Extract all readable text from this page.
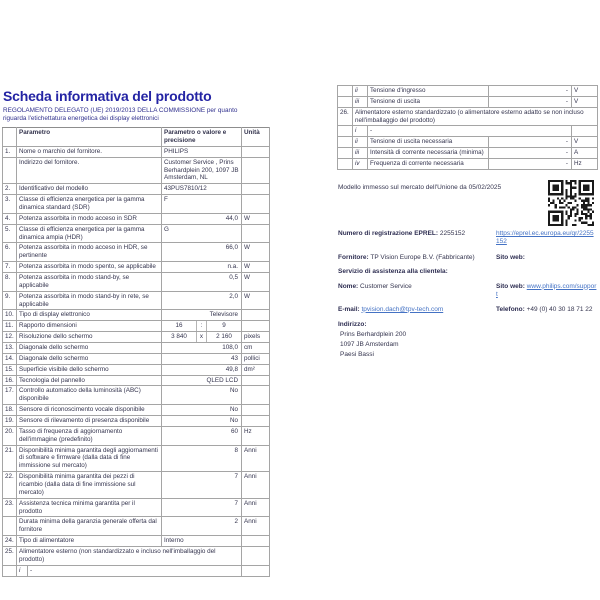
Scheda informativa del prodotto

REGOLAMENTO DELEGATO (UE) 2019/2013 DELLA COMMISSIONE per quanto riguarda l'etichettatura energetica dei display elettronici

	Parametro		Parametro o valore e precisione	Unità
1.	Nome o marchio del fornitore.		PHILIPS	
	Indirizzo del fornitore.		Customer Service , Prins Berhardplein 200, 1097 JB Amsterdam, NL	
2.	Identificativo del modello		43PUS7810/12	
3.	Classe di efficienza energetica per la gamma dinamica standard (SDR)		F	
4.	Potenza assorbita in modo acceso in SDR		44,0	W
5.	Classe di efficienza energetica per la gamma dinamica ampia (HDR)		G	
6.	Potenza assorbita in modo acceso in HDR, se pertinente		66,0	W
7.	Potenza assorbita in modo spento, se applicabile		n.a.	W
8.	Potenza assorbita in modo stand-by, se applicabile		0,5	W
9.	Potenza assorbita in modo stand-by in rete, se applicabile		2,0	W
10.	Tipo di display elettronico		Televisore	
11.	Rapporto dimensioni		16 : 9	

12.	Risoluzione dello schermo		3 840 x 2 160	pixels
13.	Diagonale dello schermo		108,0	cm
14.	Diagonale dello schermo		43	pollici
15.	Superficie visibile dello schermo		49,8	dm²
16.	Tecnologia del pannello		QLED LCD	
17.	Controllo automatico della luminosità (ABC) disponibile		No	
18.	Sensore di riconoscimento vocale disponibile		No	
19.	Sensore di rilevamento di presenza disponibile		No	
20.	Tasso di frequenza di aggiornamento dell'immagine (predefinito)		60	Hz
21.	Disponibilità minima garantita degli aggiornamenti di software e firmware (dalla data di fine immissione sul mercato)		8	Anni
22.	Disponibilità minima garantita dei pezzi di ricambio (dalla data di fine immissione sul mercato)		7	Anni
23.	Assistenza tecnica minima garantita per il prodotto		7	Anni
	Durata minima della garanzia generale offerta dal fornitore		2	Anni
24.	Tipo di alimentatore		Interno	
25.	Alimentatore esterno (non standardizzato e incluso nell'imballaggio del prodotto)			
	i	-		
	ii	Tensione d'ingresso	-	V
	iii	Tensione di uscita	-	V
26.	Alimentatore esterno standardizzato (o alimentatore esterno adatto se non incluso nell'imballaggio del prodotto)			
	i	-		
	ii	Tensione di uscita necessaria	-	V
	iii	Intensità di corrente necessaria (minima)	-	A
	iv	Frequenza di corrente necessaria	-	Hz

Modello immesso sul mercato dell'Unione da 05/02/2025

Numero di registrazione EPREL: 2255152	https://eprel.ec.europa.eu/qr/2255152

Fornitore: TP Vision Europe B.V. (Fabbricante)	Sito web:

Servizio di assistenza alla clientela:

Nome: Customer Service	Sito web: www.philips.com/support

E-mail: tpvision.dach@tpv-tech.com	Telefono: +49 (0) 40 30 18 71 22

Indirizzo:
Prins Berhardplein 200
1097 JB Amsterdam
Paesi Bassi
